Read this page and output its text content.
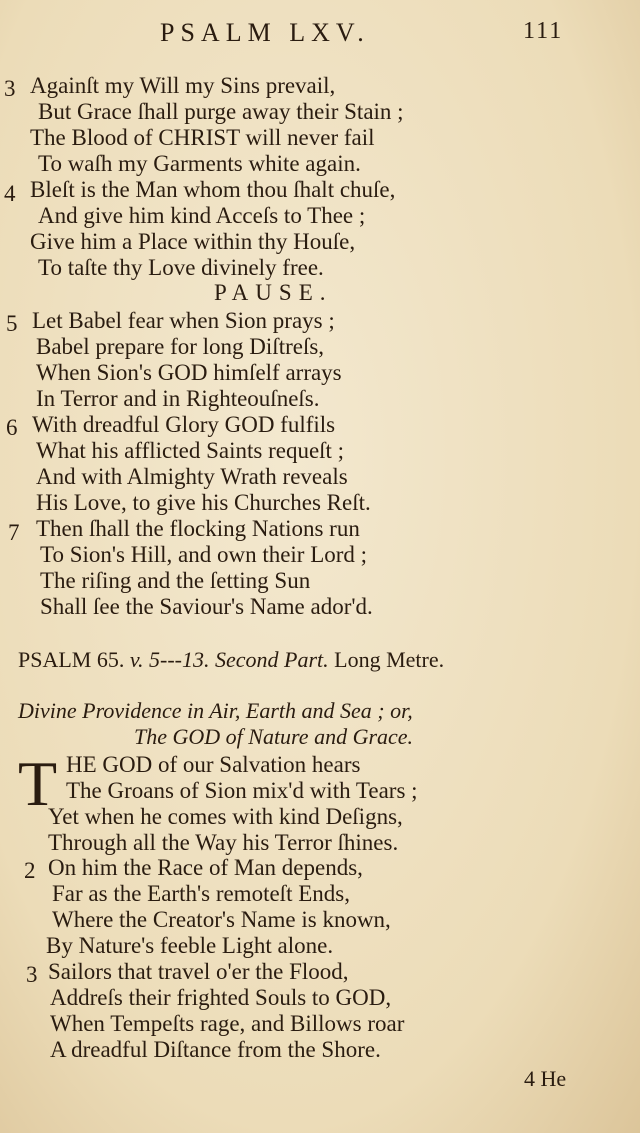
PSALM LXV.	111
3 Againſt my Will my Sins prevail,
But Grace ſhall purge away their Stain ;
The Blood of CHRIST will never fail
To waſh my Garments white again.
4 Bleſt is the Man whom thou ſhalt chuſe,
And give him kind Acceſs to Thee ;
Give him a Place within thy Houſe,
To taſte thy Love divinely free.
PAUSE.
5 Let Babel fear when Sion prays ;
Babel prepare for long Diſtreſs,
When Sion's GOD himſelf arrays
In Terror and in Righteouſneſs.
6 With dreadful Glory GOD fulfils
What his afflicted Saints requeſt ;
And with Almighty Wrath reveals
His Love, to give his Churches Reſt.
7 Then ſhall the flocking Nations run
To Sion's Hill, and own their Lord ;
The riſing and the ſetting Sun
Shall ſee the Saviour's Name ador'd.
PSALM 65. v. 5---13. Second Part. Long Metre.
Divine Providence in Air, Earth and Sea ; or,
The GOD of Nature and Grace.
T HE GOD of our Salvation hears
The Groans of Sion mix'd with Tears ;
Yet when he comes with kind Deſigns,
Through all the Way his Terror ſhines.
2 On him the Race of Man depends,
Far as the Earth's remoteſt Ends,
Where the Creator's Name is known,
By Nature's feeble Light alone.
3 Sailors that travel o'er the Flood,
Addreſs their frighted Souls to GOD,
When Tempeſts rage, and Billows roar
A dreadful Diſtance from the Shore.
4 He
